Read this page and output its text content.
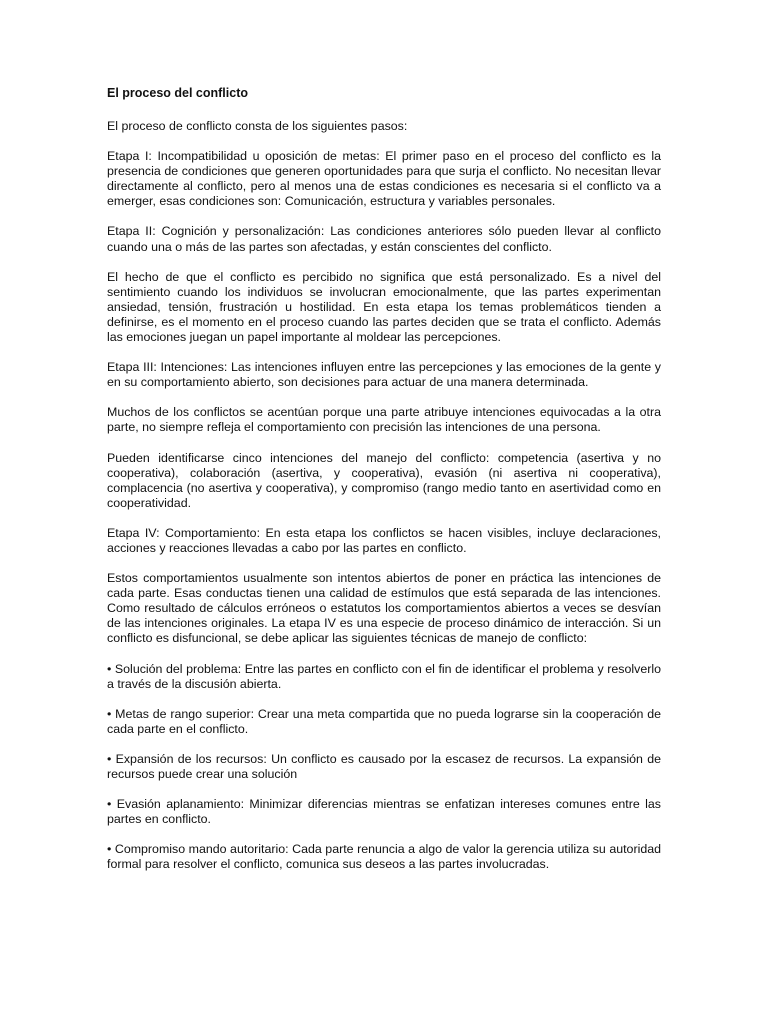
El proceso del conflicto

El proceso de conflicto consta de los siguientes pasos:

Etapa I: Incompatibilidad u oposición de metas: El primer paso en el proceso del conflicto es la presencia de condiciones que generen oportunidades para que surja el conflicto. No necesitan llevar directamente al conflicto, pero al menos una de estas condiciones es necesaria si el conflicto va a emerger, esas condiciones son: Comunicación, estructura y variables personales.

Etapa II: Cognición y personalización: Las condiciones anteriores sólo pueden llevar al conflicto cuando una o más de las partes son afectadas, y están conscientes del conflicto.

El hecho de que el conflicto es percibido no significa que está personalizado. Es a nivel del sentimiento cuando los individuos se involucran emocionalmente, que las partes experimentan ansiedad, tensión, frustración u hostilidad. En esta etapa los temas problemáticos tienden a definirse, es el momento en el proceso cuando las partes deciden que se trata el conflicto. Además las emociones juegan un papel importante al moldear las percepciones.

Etapa III: Intenciones: Las intenciones influyen entre las percepciones y las emociones de la gente y en su comportamiento abierto, son decisiones para actuar de una manera determinada.

Muchos de los conflictos se acentúan porque una parte atribuye intenciones equivocadas a la otra parte, no siempre refleja el comportamiento con precisión las intenciones de una persona.

Pueden identificarse cinco intenciones del manejo del conflicto: competencia (asertiva y no cooperativa), colaboración (asertiva, y cooperativa), evasión (ni asertiva ni cooperativa), complacencia (no asertiva y cooperativa), y compromiso (rango medio tanto en asertividad como en cooperatividad.

Etapa IV: Comportamiento: En esta etapa los conflictos se hacen visibles, incluye declaraciones, acciones y reacciones llevadas a cabo por las partes en conflicto.

Estos comportamientos usualmente son intentos abiertos de poner en práctica las intenciones de cada parte. Esas conductas tienen una calidad de estímulos que está separada de las intenciones. Como resultado de cálculos erróneos o estatutos los comportamientos abiertos a veces se desvían de las intenciones originales. La etapa IV es una especie de proceso dinámico de interacción. Si un conflicto es disfuncional, se debe aplicar las siguientes técnicas de manejo de conflicto:

• Solución del problema: Entre las partes en conflicto con el fin de identificar el problema y resolverlo a través de la discusión abierta.

• Metas de rango superior: Crear una meta compartida que no pueda lograrse sin la cooperación de cada parte en el conflicto.

• Expansión de los recursos: Un conflicto es causado por la escasez de recursos. La expansión de recursos puede crear una solución

• Evasión aplanamiento: Minimizar diferencias mientras se enfatizan intereses comunes entre las partes en conflicto.

• Compromiso mando autoritario: Cada parte renuncia a algo de valor la gerencia utiliza su autoridad formal para resolver el conflicto, comunica sus deseos a las partes involucradas.
